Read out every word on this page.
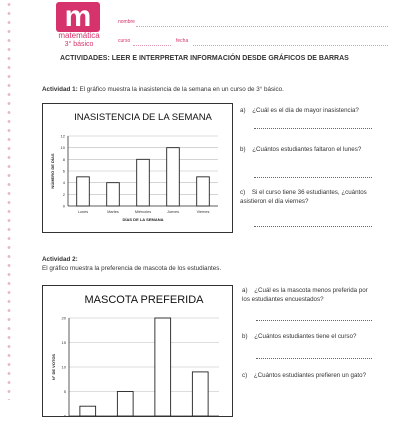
m
matemática
3° básico
nombre
curso	fecha
ACTIVIDADES: LEER E INTERPRETAR INFORMACIÓN DESDE GRÁFICOS DE BARRAS
Actividad 1: El gráfico muestra la inasistencia de la semana en un curso de 3° básico.
INASISTENCIA DE LA SEMANA
0
2
4
6
8
10
12
Lunes	Martes	Miércoles	Jueves	Viernes
DÍAS DE LA SEMANA
NÚMERO DE DÍAS
a) ¿Cuál es el día de mayor inasistencia?
b) ¿Cuántos estudiantes faltaron el lunes?
c) Si el curso tiene 36 estudiantes, ¿cuántos asistieron el día viernes?
Actividad 2:
El gráfico muestra la preferencia de mascota de los estudiantes.
MASCOTA PREFERIDA
0
5
10
15
20
N° DE VOTOS
a) ¿Cuál es la mascota menos preferida por los estudiantes encuestados?
b) ¿Cuántos estudiantes tiene el curso?
c) ¿Cuántos estudiantes prefieren un gato?
